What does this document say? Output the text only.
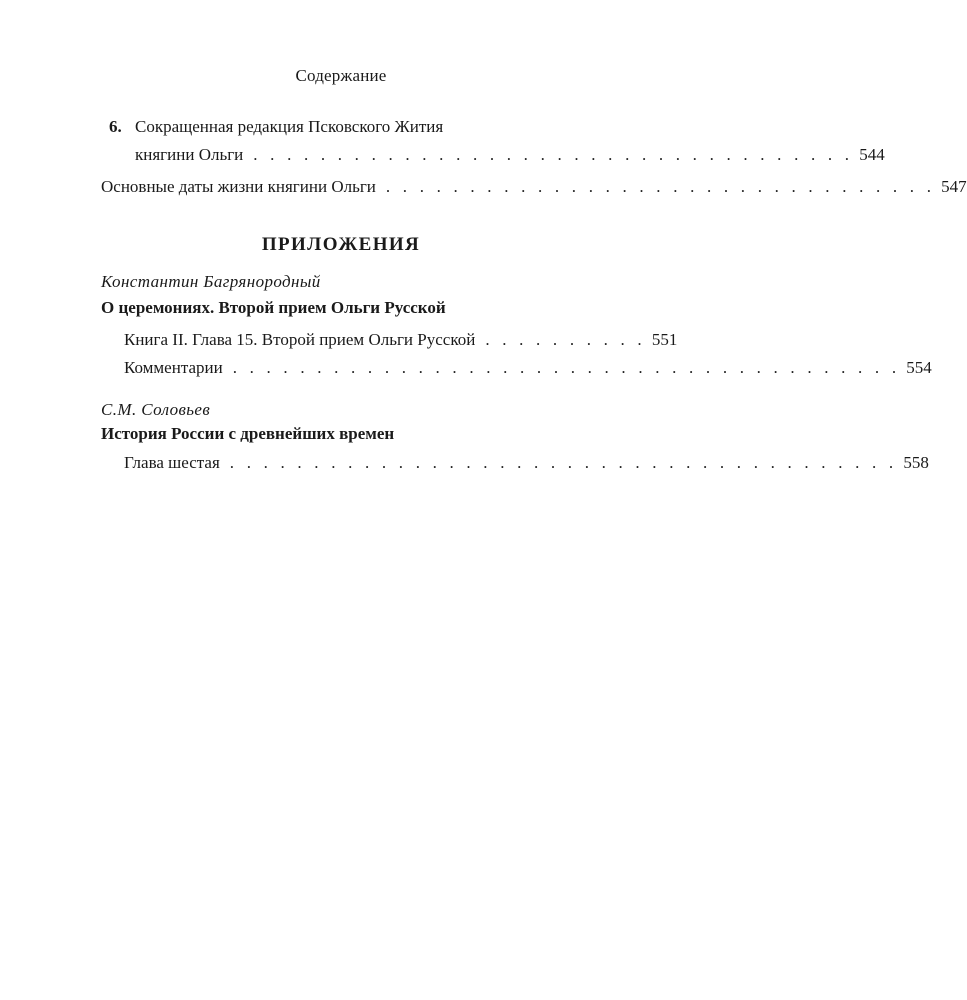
Содержание
6. Сокращенная редакция Псковского Жития
княгини Ольги . . . . . . . . . . . . . . . . . . . . . . . . . . . . . . . . . . . . 544
Основные даты жизни княгини Ольги . . . . . . . . . . . . . . . . . . . . . . . . . . . . . . . . . 547
ПРИЛОЖЕНИЯ
Константин Багрянородный
О церемониях. Второй прием Ольги Русской
Книга II. Глава 15. Второй прием Ольги Русской . . . . . . . . . . 551
Комментарии . . . . . . . . . . . . . . . . . . . . . . . . . . . . . . . . . . . . . . . . 554
С.М. Соловьев
История России с древнейших времен
Глава шестая . . . . . . . . . . . . . . . . . . . . . . . . . . . . . . . . . . . . . . . . 558
